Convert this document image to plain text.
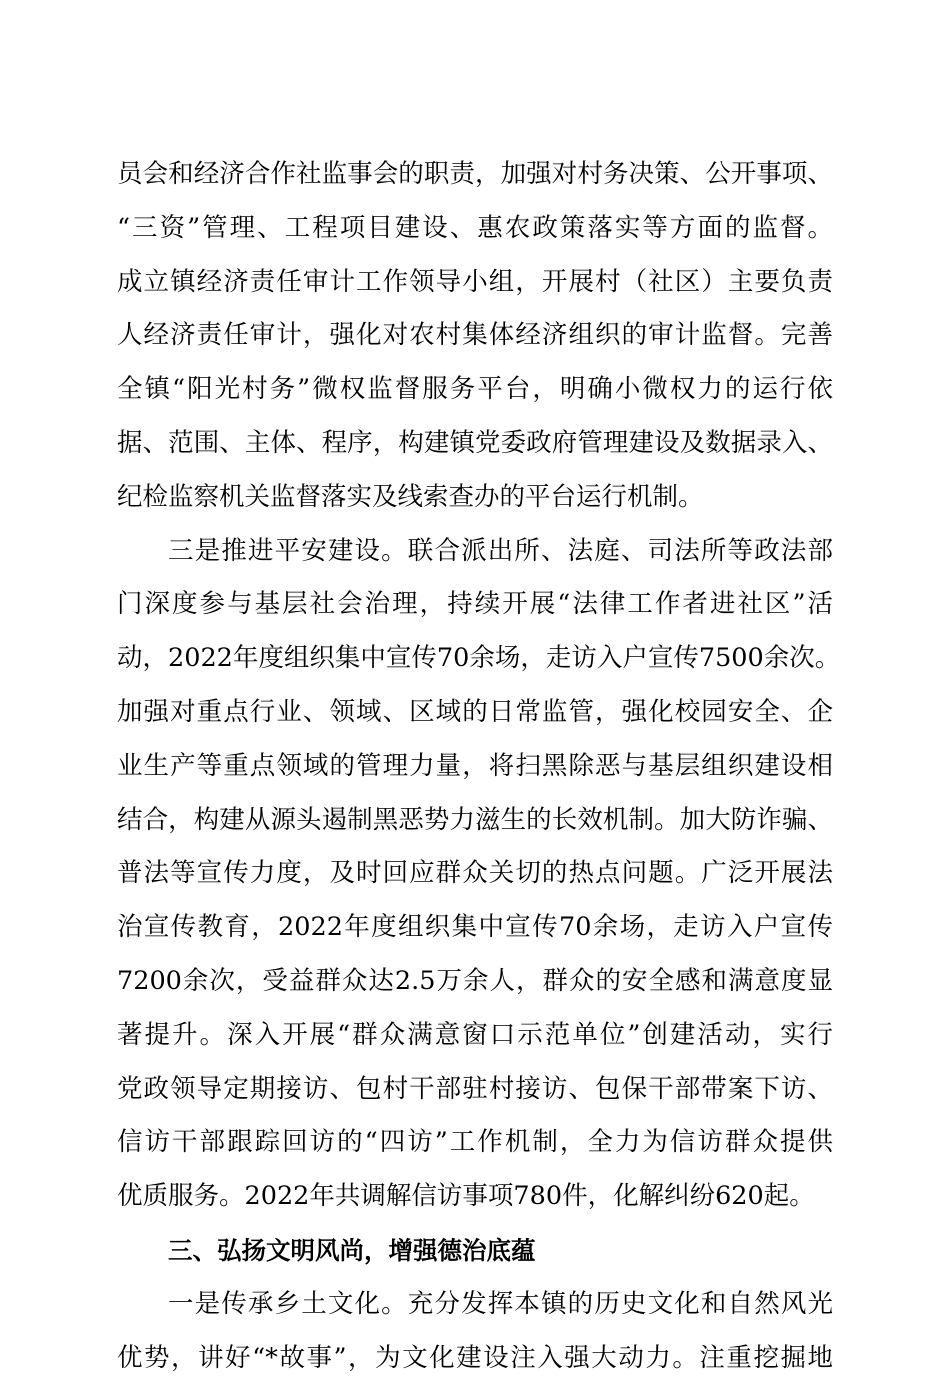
员会和经济合作社监事会的职责，加强对村务决策、公开事项、
“三资”管理、工程项目建设、惠农政策落实等方面的监督。
成立镇经济责任审计工作领导小组，开展村（社区）主要负责
人经济责任审计，强化对农村集体经济组织的审计监督。完善
全镇“阳光村务”微权监督服务平台，明确小微权力的运行依
据、范围、主体、程序，构建镇党委政府管理建设及数据录入、
纪检监察机关监督落实及线索查办的平台运行机制。
三是推进平安建设。联合派出所、法庭、司法所等政法部
门深度参与基层社会治理，持续开展“法律工作者进社区”活
动，2022年度组织集中宣传70余场，走访入户宣传7500余次。
加强对重点行业、领域、区域的日常监管，强化校园安全、企
业生产等重点领域的管理力量，将扫黑除恶与基层组织建设相
结合，构建从源头遏制黑恶势力滋生的长效机制。加大防诈骗、
普法等宣传力度，及时回应群众关切的热点问题。广泛开展法
治宣传教育，2022年度组织集中宣传70余场，走访入户宣传
7200余次，受益群众达2.5万余人，群众的安全感和满意度显
著提升。深入开展“群众满意窗口示范单位”创建活动，实行
党政领导定期接访、包村干部驻村接访、包保干部带案下访、
信访干部跟踪回访的“四访”工作机制，全力为信访群众提供
优质服务。2022年共调解信访事项780件，化解纠纷620起。
三、弘扬文明风尚，增强德治底蕴
一是传承乡土文化。充分发挥本镇的历史文化和自然风光
优势，讲好“*故事”，为文化建设注入强大动力。注重挖掘地
